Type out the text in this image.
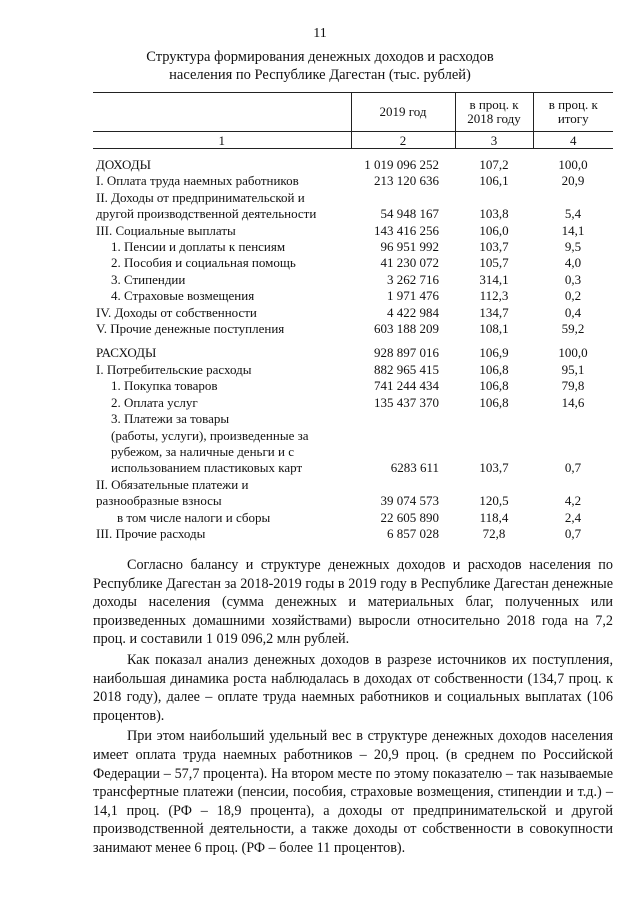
11
Структура формирования денежных доходов и расходов
населения по Республике Дагестан (тыс. рублей)
	2019 год	в проц. к 2018 году	в проц. к итогу
1	2	3	4
ДОХОДЫ	1 019 096 252	107,2	100,0
I. Оплата труда наемных работников	213 120 636	106,1	20,9
II. Доходы от предпринимательской и			
другой производственной деятельности	54 948 167	103,8	5,4
III. Социальные выплаты	143 416 256	106,0	14,1
1. Пенсии и доплаты к пенсиям	96 951 992	103,7	9,5
2. Пособия и социальная помощь	41 230 072	105,7	4,0
3. Стипендии	3 262 716	314,1	0,3
4. Страховые возмещения	1 971 476	112,3	0,2
IV. Доходы от собственности	4 422 984	134,7	0,4
V. Прочие денежные поступления	603 188 209	108,1	59,2
РАСХОДЫ	928 897 016	106,9	100,0
I. Потребительские расходы	882 965 415	106,8	95,1
1. Покупка товаров	741 244 434	106,8	79,8
2. Оплата услуг	135 437 370	106,8	14,6
3. Платежи за товары			
(работы, услуги), произведенные за			
рубежом, за наличные деньги и с			
использованием пластиковых карт	6283 611	103,7	0,7
II. Обязательные платежи и			
разнообразные взносы	39 074 573	120,5	4,2
в том числе налоги и сборы	22 605 890	118,4	2,4
III. Прочие расходы	6 857 028	72,8	0,7

Согласно балансу и структуре денежных доходов и расходов населения по Республике Дагестан за 2018-2019 годы в 2019 году в Республике Дагестан денежные доходы населения (сумма денежных и материальных благ, полученных или произведенных домашними хозяйствами) выросли относительно 2018 года на 7,2 проц. и составили 1 019 096,2 млн рублей.

Как показал анализ денежных доходов в разрезе источников их поступления, наибольшая динамика роста наблюдалась в доходах от собственности (134,7 проц. к 2018 году), далее – оплате труда наемных работников и социальных выплатах (106 процентов).

При этом наибольший удельный вес в структуре денежных доходов населения имеет оплата труда наемных работников – 20,9 проц. (в среднем по Российской Федерации – 57,7 процента). На втором месте по этому показателю – так называемые трансфертные платежи (пенсии, пособия, страховые возмещения, стипендии и т.д.) – 14,1 проц. (РФ – 18,9 процента), а доходы от предпринимательской и другой производственной деятельности, а также доходы от собственности в совокупности занимают менее 6 проц. (РФ – более 11 процентов).
